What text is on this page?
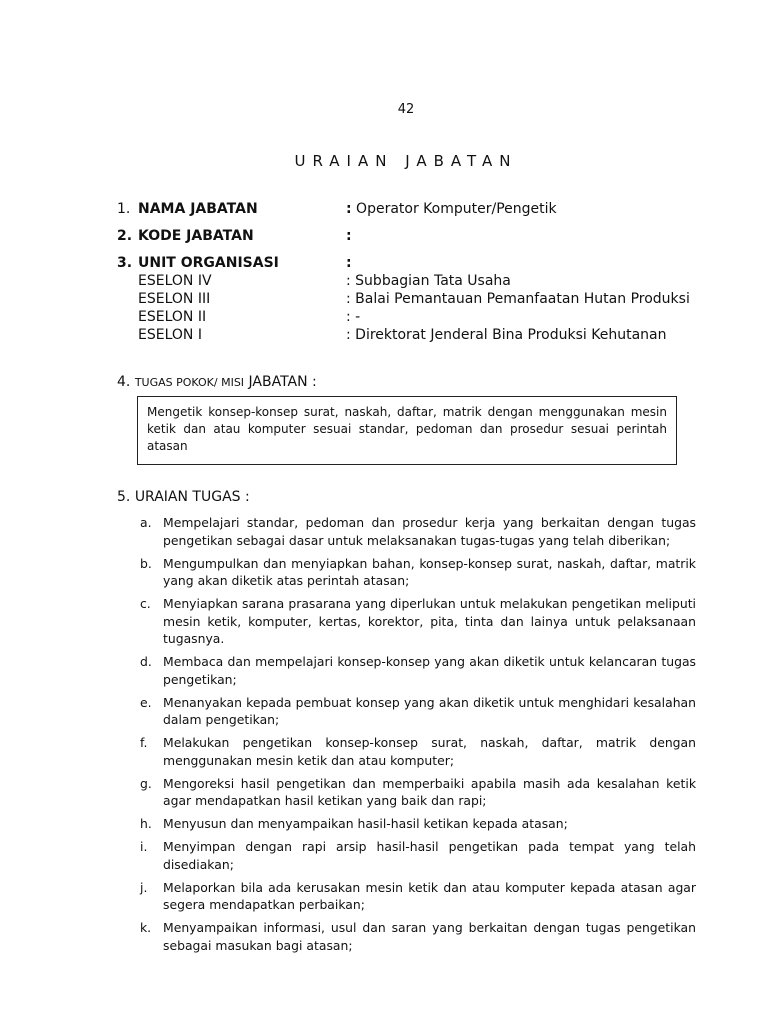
42
URAIAN JABATAN
1. NAMA JABATAN	: Operator Komputer/Pengetik
2. KODE JABATAN	:
3. UNIT ORGANISASI	:
ESELON IV	: Subbagian Tata Usaha
ESELON III	: Balai Pemantauan Pemanfaatan Hutan Produksi
ESELON II	: -
ESELON I	: Direktorat Jenderal Bina Produksi Kehutanan
4. TUGAS POKOK/ MISI JABATAN :
Mengetik konsep-konsep surat, naskah, daftar, matrik dengan menggunakan mesin ketik dan atau komputer sesuai standar, pedoman dan prosedur sesuai perintah atasan
5. URAIAN TUGAS :
a. Mempelajari standar, pedoman dan prosedur kerja yang berkaitan dengan tugas pengetikan sebagai dasar untuk melaksanakan tugas-tugas yang telah diberikan;
b. Mengumpulkan dan menyiapkan bahan, konsep-konsep surat, naskah, daftar, matrik yang akan diketik atas perintah atasan;
c. Menyiapkan sarana prasarana yang diperlukan untuk melakukan pengetikan meliputi mesin ketik, komputer, kertas, korektor, pita, tinta dan lainya untuk pelaksanaan tugasnya.
d. Membaca dan mempelajari konsep-konsep yang akan diketik untuk kelancaran tugas pengetikan;
e. Menanyakan kepada pembuat konsep yang akan diketik untuk menghidari kesalahan dalam pengetikan;
f. Melakukan pengetikan konsep-konsep surat, naskah, daftar, matrik dengan menggunakan mesin ketik dan atau komputer;
g. Mengoreksi hasil pengetikan dan memperbaiki apabila masih ada kesalahan ketik agar mendapatkan hasil ketikan yang baik dan rapi;
h. Menyusun dan menyampaikan hasil-hasil ketikan kepada atasan;
i. Menyimpan dengan rapi arsip hasil-hasil pengetikan pada tempat yang telah disediakan;
j. Melaporkan bila ada kerusakan mesin ketik dan atau komputer kepada atasan agar segera mendapatkan perbaikan;
k. Menyampaikan informasi, usul dan saran yang berkaitan dengan tugas pengetikan sebagai masukan bagi atasan;
